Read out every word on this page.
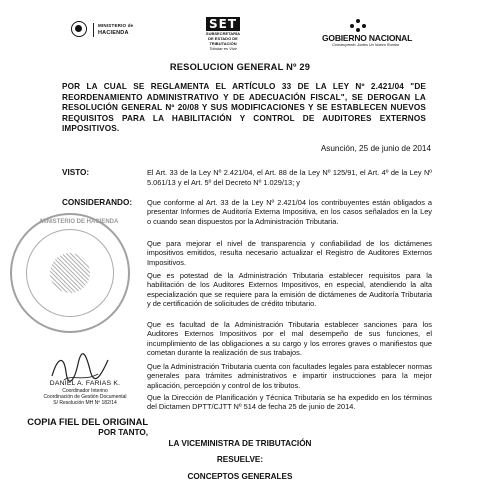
MINISTERIO de
HACIENDA
SET
SUBSECRETARÍA DE ESTADO DE TRIBUTACIÓN
Tributar es Vivir
GOBIERNO NACIONAL
Construyendo Juntos Un Nuevo Rumbo
RESOLUCION GENERAL Nº 29
POR LA CUAL SE REGLAMENTA EL ARTÍCULO 33 DE LA LEY Nº 2.421/04 "DE REORDENAMIENTO ADMINISTRATIVO Y DE ADECUACIÓN FISCAL", SE DEROGAN LA RESOLUCIÓN GENERAL Nº 20/08 Y SUS MODIFICACIONES Y SE ESTABLECEN NUEVOS REQUISITOS PARA LA HABILITACIÓN Y CONTROL DE AUDITORES EXTERNOS IMPOSITIVOS.
Asunción, 25 de junio de 2014
VISTO:	El Art. 33 de la Ley Nº 2.421/04, el Art. 88 de la Ley Nº 125/91, el Art. 4º de la Ley Nº 5.061/13 y el Art. 5º del Decreto Nº 1.029/13; y
CONSIDERANDO: Que conforme al Art. 33 de la Ley Nº 2.421/04 los contribuyentes están obligados a presentar Informes de Auditoría Externa Impositiva, en los casos señalados en la Ley o cuando sean dispuestos por la Administración Tributaria.
Que para mejorar el nivel de transparencia y confiabilidad de los dictámenes impositivos emitidos, resulta necesario actualizar el Registro de Auditores Externos Impositivos.
Que es potestad de la Administración Tributaria establecer requisitos para la habilitación de los Auditores Externos Impositivos, en especial, atendiendo la alta especialización que se requiere para la emisión de dictámenes de Auditoría Tributaria y de certificación de solicitudes de crédito tributario.
Que es facultad de la Administración Tributaria establecer sanciones para los Auditores Externos Impositivos por el mal desempeño de sus funciones, el incumplimiento de las obligaciones a su cargo y los errores graves o manifiestos que cometan durante la realización de sus trabajos.
Que la Administración Tributaria cuenta con facultades legales para establecer normas generales para trámites administrativos e impartir instrucciones para la mejor aplicación, percepción y control de los tributos.
Que la Dirección de Planificación y Técnica Tributaria se ha expedido en los términos del Dictamen DPTT/CJTT Nº 514 de fecha 25 de junio de 2014.
MINISTERIO DE HACIENDA
DANIEL A. FARIAS K.
Coordinador Interino
Coordinación de Gestión Documental
S/ Resolución MH Nº 182/14
COPIA FIEL DEL ORIGINAL
POR TANTO,
LA VICEMINISTRA DE TRIBUTACIÓN
RESUELVE:
CONCEPTOS GENERALES
